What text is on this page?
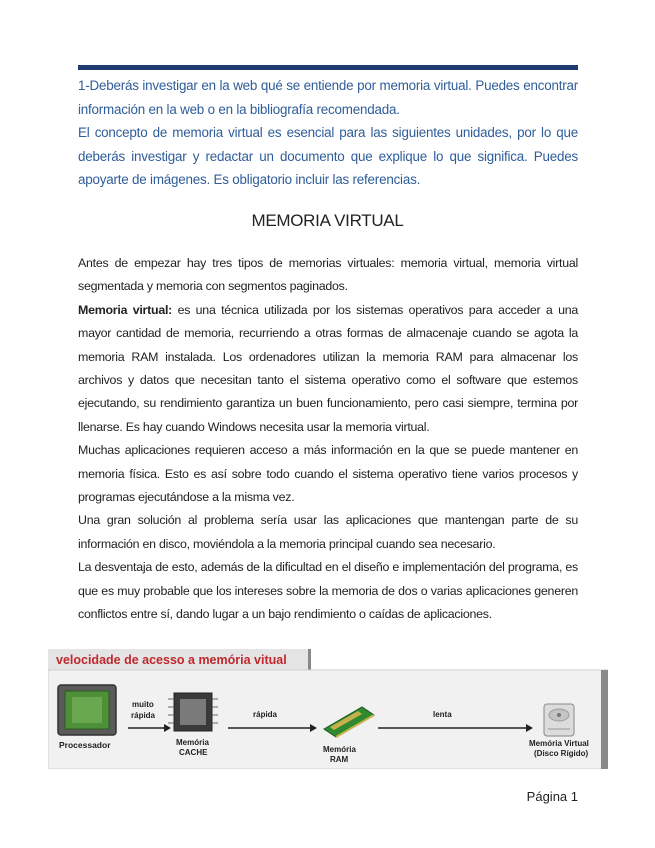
1-Deberás investigar en la web qué se entiende por memoria virtual. Puedes encontrar información en la web o en la bibliografía recomendada.

El concepto de memoria virtual es esencial para las siguientes unidades, por lo que deberás investigar y redactar un documento que explique lo que significa. Puedes apoyarte de imágenes. Es obligatorio incluir las referencias.

MEMORIA VIRTUAL

Antes de empezar hay tres tipos de memorias virtuales: memoria virtual, memoria virtual segmentada y memoria con segmentos paginados.

Memoria virtual: es una técnica utilizada por los sistemas operativos para acceder a una mayor cantidad de memoria, recurriendo a otras formas de almacenaje cuando se agota la memoria RAM instalada. Los ordenadores utilizan la memoria RAM para almacenar los archivos y datos que necesitan tanto el sistema operativo como el software que estemos ejecutando, su rendimiento garantiza un buen funcionamiento, pero casi siempre, termina por llenarse. Es hay cuando Windows necesita usar la memoria virtual.

Muchas aplicaciones requieren acceso a más información en la que se puede mantener en memoria física. Esto es así sobre todo cuando el sistema operativo tiene varios procesos y programas ejecutándose a la misma vez.

Una gran solución al problema sería usar las aplicaciones que mantengan parte de su información en disco, moviéndola a la memoria principal cuando sea necesario.

La desventaja de esto, además de la dificultad en el diseño e implementación del programa, es que es muy probable que los intereses sobre la memoria de dos o varias aplicaciones generen conflictos entre sí, dando lugar a un bajo rendimiento o caídas de aplicaciones.

velocidade de acesso a memória vitual
Processador
muito
rápida
Memória
CACHE
rápida
Memória
RAM
lenta
Memória Virtual
(Disco Rígido)
Página 1
